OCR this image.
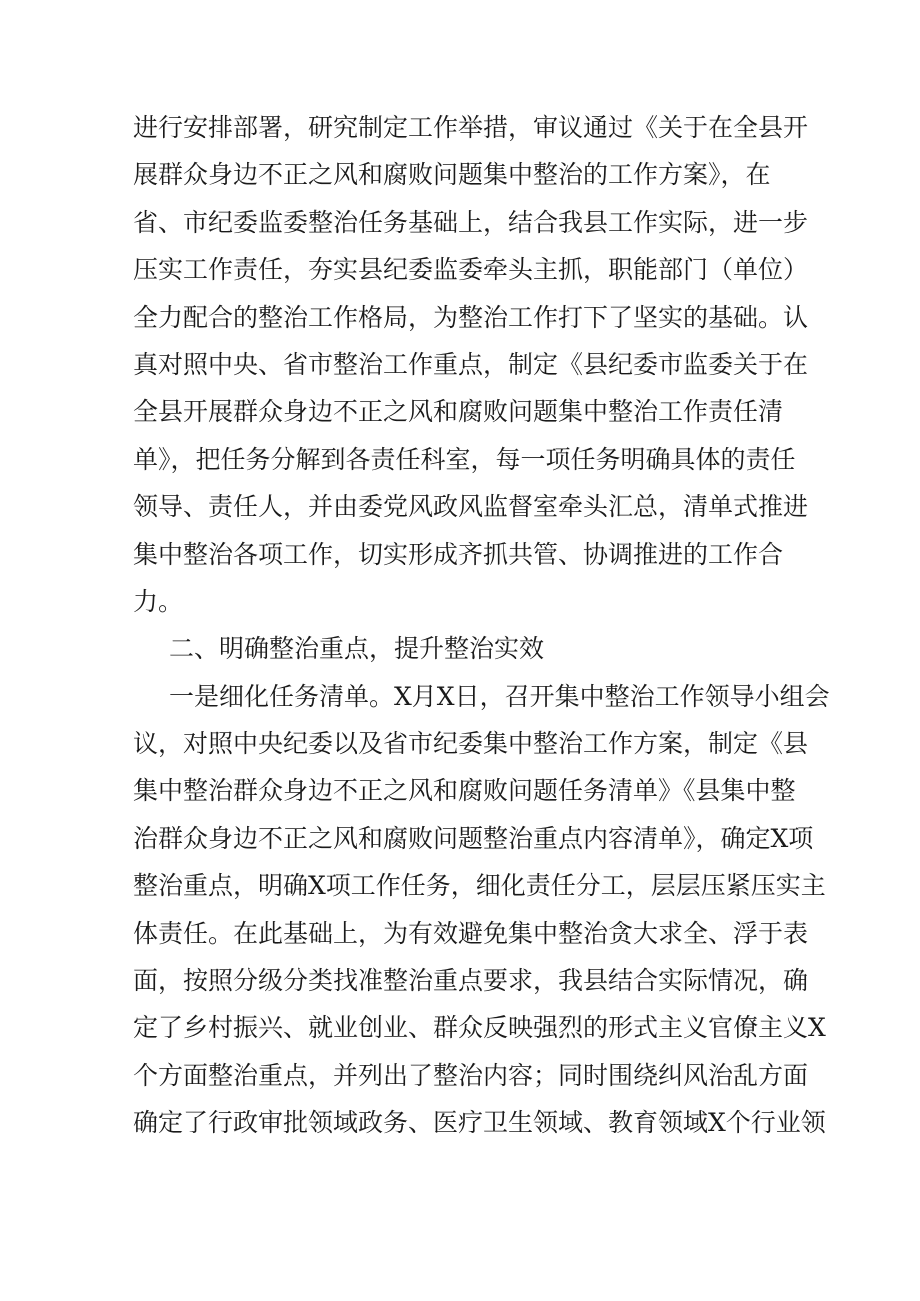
进行安排部署，研究制定工作举措，审议通过《关于在全县开
展群众身边不正之风和腐败问题集中整治的工作方案》，在
省、市纪委监委整治任务基础上，结合我县工作实际，进一步
压实工作责任，夯实县纪委监委牵头主抓，职能部门（单位）
全力配合的整治工作格局，为整治工作打下了坚实的基础。认
真对照中央、省市整治工作重点，制定《县纪委市监委关于在
全县开展群众身边不正之风和腐败问题集中整治工作责任清
单》，把任务分解到各责任科室，每一项任务明确具体的责任
领导、责任人，并由委党风政风监督室牵头汇总，清单式推进
集中整治各项工作，切实形成齐抓共管、协调推进的工作合
力。
二、明确整治重点，提升整治实效
一是细化任务清单。X月X日，召开集中整治工作领导小组会
议，对照中央纪委以及省市纪委集中整治工作方案，制定《县
集中整治群众身边不正之风和腐败问题任务清单》《县集中整
治群众身边不正之风和腐败问题整治重点内容清单》，确定X项
整治重点，明确X项工作任务，细化责任分工，层层压紧压实主
体责任。在此基础上，为有效避免集中整治贪大求全、浮于表
面，按照分级分类找准整治重点要求，我县结合实际情况，确
定了乡村振兴、就业创业、群众反映强烈的形式主义官僚主义X
个方面整治重点，并列出了整治内容；同时围绕纠风治乱方面
确定了行政审批领域政务、医疗卫生领域、教育领域X个行业领
